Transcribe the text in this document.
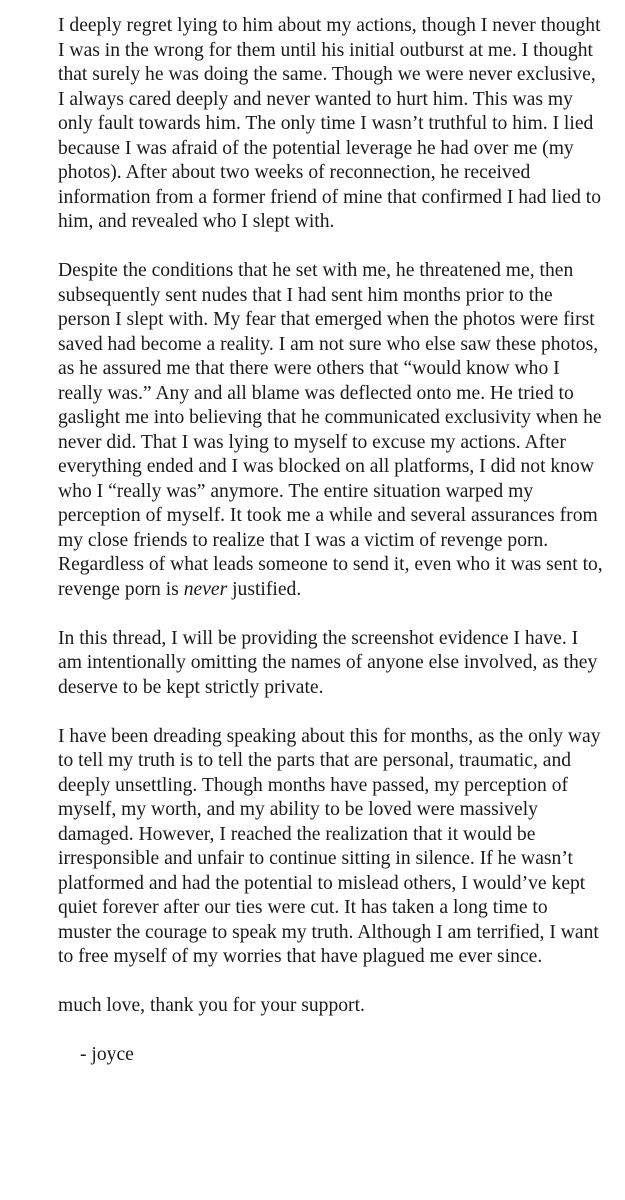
I deeply regret lying to him about my actions, though I never thought I was in the wrong for them until his initial outburst at me. I thought that surely he was doing the same. Though we were never exclusive, I always cared deeply and never wanted to hurt him. This was my only fault towards him. The only time I wasn’t truthful to him. I lied because I was afraid of the potential leverage he had over me (my photos). After about two weeks of reconnection, he received information from a former friend of mine that confirmed I had lied to him, and revealed who I slept with.

Despite the conditions that he set with me, he threatened me, then subsequently sent nudes that I had sent him months prior to the person I slept with. My fear that emerged when the photos were first saved had become a reality. I am not sure who else saw these photos, as he assured me that there were others that “would know who I really was.” Any and all blame was deflected onto me. He tried to gaslight me into believing that he communicated exclusivity when he never did. That I was lying to myself to excuse my actions. After everything ended and I was blocked on all platforms, I did not know who I “really was” anymore. The entire situation warped my perception of myself. It took me a while and several assurances from my close friends to realize that I was a victim of revenge porn. Regardless of what leads someone to send it, even who it was sent to, revenge porn is never justified.

In this thread, I will be providing the screenshot evidence I have. I am intentionally omitting the names of anyone else involved, as they deserve to be kept strictly private.

I have been dreading speaking about this for months, as the only way to tell my truth is to tell the parts that are personal, traumatic, and deeply unsettling. Though months have passed, my perception of myself, my worth, and my ability to be loved were massively damaged. However, I reached the realization that it would be irresponsible and unfair to continue sitting in silence. If he wasn’t platformed and had the potential to mislead others, I would’ve kept quiet forever after our ties were cut. It has taken a long time to muster the courage to speak my truth. Although I am terrified, I want to free myself of my worries that have plagued me ever since.

much love, thank you for your support.

- joyce
